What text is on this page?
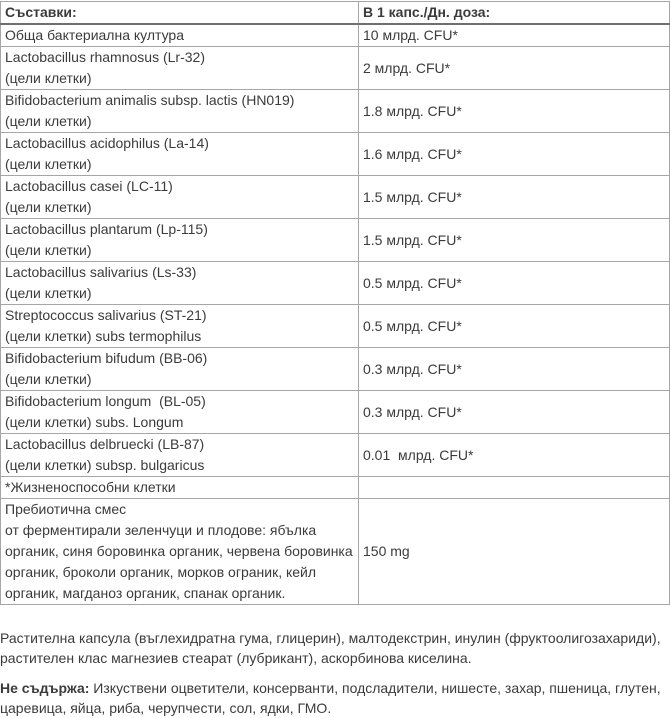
Съставки:	В 1 капс./Дн. доза:

Обща бактериална култура	10 млрд. CFU*

Lactobacillus rhamnosus (Lr-32)
(цели клетки)	2 млрд. CFU*

Bifidobacterium animalis subsp. lactis (HN019)
(цели клетки)	1.8 млрд. CFU*

Lactobacillus acidophilus (La-14)
(цели клетки)	1.6 млрд. CFU*

Lactobacillus casei (LC-11)
(цели клетки)	1.5 млрд. CFU*

Lactobacillus plantarum (Lp-115)
(цели клетки)	1.5 млрд. CFU*

Lactobacillus salivarius (Ls-33)
(цели клетки)	0.5 млрд. CFU*

Streptococcus salivarius (ST-21)
(цели клетки) subs termophilus	0.5 млрд. CFU*

Bifidobacterium bifudum (BB-06)
(цели клетки)	0.3 млрд. CFU*

Bifidobacterium longum  (BL-05)
(цели клетки) subs. Longum	0.3 млрд. CFU*

Lactobacillus delbruecki (LB-87)
(цели клетки) subsp. bulgaricus	0.01  млрд. CFU*

*Жизненоспособни клетки	

Пребиотична смес
от ферментирали зеленчуци и плодове: ябълка органик, синя боровинка органик, червена боровинка органик, броколи органик, морков ограник, кейл органик, магданоз органик, спанак органик.	150 mg

Растителна капсула (въглехидратна гума, глицерин), малтодекстрин, инулин (фруктоолигозахариди), растителен клас магнезиев стеарат (лубрикант), аскорбинова киселина.

Не съдържа: Изкуствени оцветители, консерванти, подсладители, нишесте, захар, пшеница, глутен, царевица, яйца, риба, черупчести, сол, ядки, ГМО.
